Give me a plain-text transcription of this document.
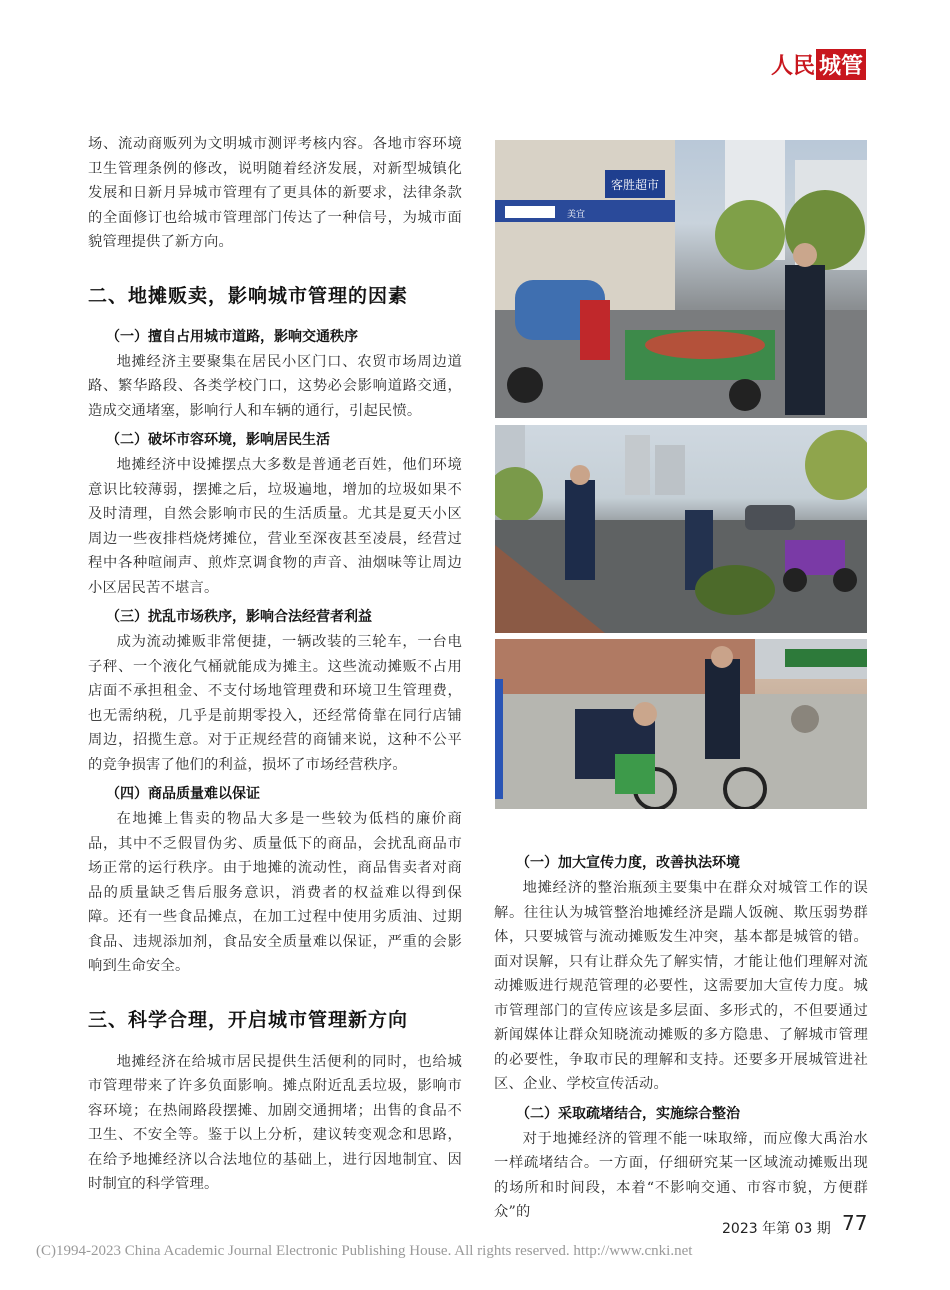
人民 城管

场、流动商贩列为文明城市测评考核内容。各地市容环境卫生管理条例的修改，说明随着经济发展，对新型城镇化发展和日新月异城市管理有了更具体的新要求，法律条款的全面修订也给城市管理部门传达了一种信号，为城市面貌管理提供了新方向。

二、地摊贩卖，影响城市管理的因素
（一）擅自占用城市道路，影响交通秩序

地摊经济主要聚集在居民小区门口、农贸市场周边道路、繁华路段、各类学校门口，这势必会影响道路交通，造成交通堵塞，影响行人和车辆的通行，引起民愤。

（二）破坏市容环境，影响居民生活

地摊经济中设摊摆点大多数是普通老百姓，他们环境意识比较薄弱，摆摊之后，垃圾遍地，增加的垃圾如果不及时清理，自然会影响市民的生活质量。尤其是夏天小区周边一些夜排档烧烤摊位，营业至深夜甚至凌晨，经营过程中各种喧闹声、煎炸烹调食物的声音、油烟味等让周边小区居民苦不堪言。

（三）扰乱市场秩序，影响合法经营者利益

成为流动摊贩非常便捷，一辆改装的三轮车，一台电子秤、一个液化气桶就能成为摊主。这些流动摊贩不占用店面不承担租金、不支付场地管理费和环境卫生管理费，也无需纳税，几乎是前期零投入，还经常倚靠在同行店铺周边，招揽生意。对于正规经营的商铺来说，这种不公平的竞争损害了他们的利益，损坏了市场经营秩序。

（四）商品质量难以保证

在地摊上售卖的物品大多是一些较为低档的廉价商品，其中不乏假冒伪劣、质量低下的商品，会扰乱商品市场正常的运行秩序。由于地摊的流动性，商品售卖者对商品的质量缺乏售后服务意识，消费者的权益难以得到保障。还有一些食品摊点，在加工过程中使用劣质油、过期食品、违规添加剂，食品安全质量难以保证，严重的会影响到生命安全。

三、科学合理，开启城市管理新方向

地摊经济在给城市居民提供生活便利的同时，也给城市管理带来了许多负面影响。摊点附近乱丢垃圾，影响市容环境；在热闹路段摆摊、加剧交通拥堵；出售的食品不卫生、不安全等。鉴于以上分析，建议转变观念和思路，在给予地摊经济以合法地位的基础上，进行因地制宜、因时制宜的科学管理。

客胜超市
美宜
（一）加大宣传力度，改善执法环境

地摊经济的整治瓶颈主要集中在群众对城管工作的误解。往往认为城管整治地摊经济是踹人饭碗、欺压弱势群体，只要城管与流动摊贩发生冲突，基本都是城管的错。面对误解，只有让群众先了解实情，才能让他们理解对流动摊贩进行规范管理的必要性，这需要加大宣传力度。城市管理部门的宣传应该是多层面、多形式的，不但要通过新闻媒体让群众知晓流动摊贩的多方隐患、了解城市管理的必要性，争取市民的理解和支持。还要多开展城管进社区、企业、学校宣传活动。

（二）采取疏堵结合，实施综合整治

对于地摊经济的管理不能一味取缔，而应像大禹治水一样疏堵结合。一方面，仔细研究某一区域流动摊贩出现的场所和时间段，本着“不影响交通、市容市貌，方便群众”的

2023 年第 03 期 77
(C)1994-2023 China Academic Journal Electronic Publishing House. All rights reserved. http://www.cnki.net
